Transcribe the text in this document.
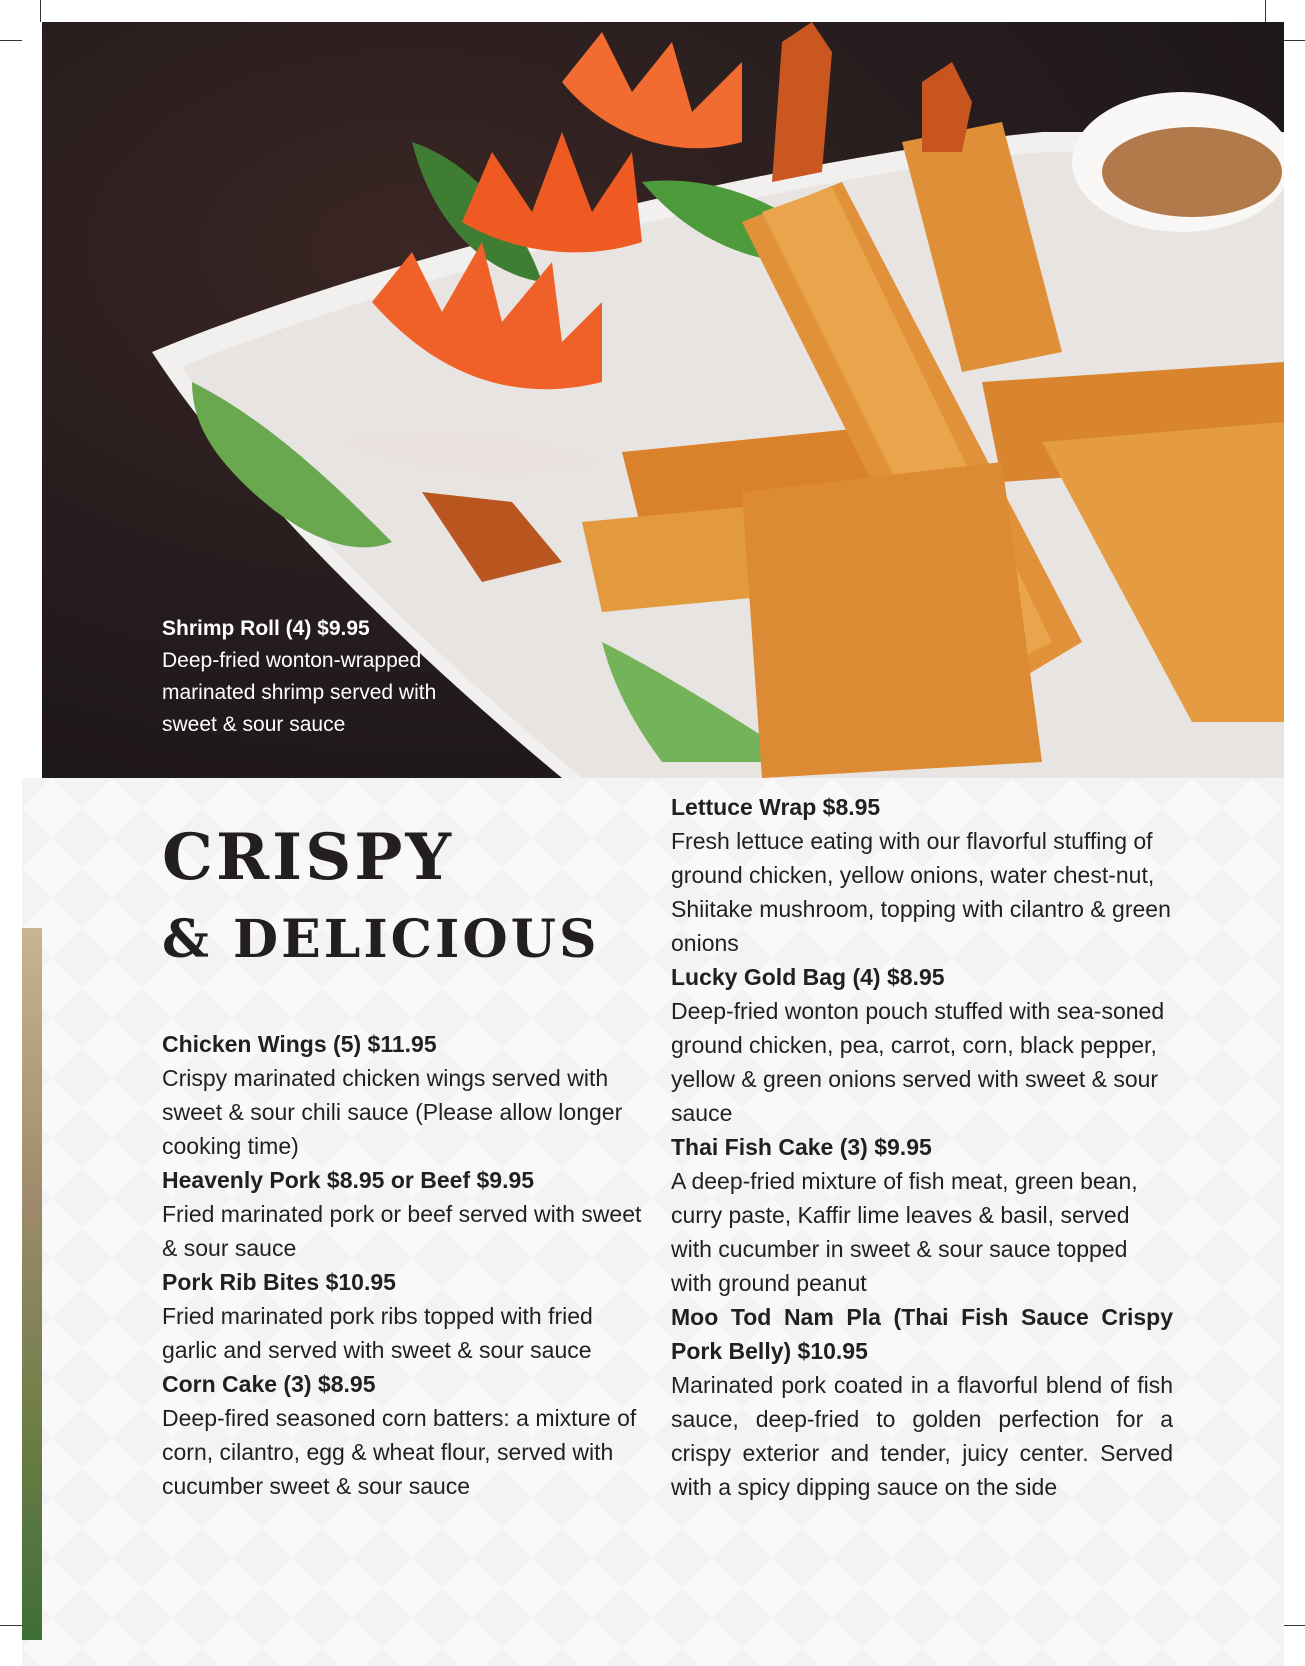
Shrimp Roll (4) $9.95
Deep-fried wonton-wrapped marinated shrimp served with sweet & sour sauce
CRISPY
& DELICIOUS
Chicken Wings (5) $11.95
Crispy marinated chicken wings served with sweet & sour chili sauce (Please allow longer cooking time)
Heavenly Pork $8.95 or Beef $9.95
Fried marinated pork or beef served with sweet & sour sauce
Pork Rib Bites $10.95
Fried marinated pork ribs topped with fried garlic and served with sweet & sour sauce
Corn Cake (3) $8.95
Deep-fired seasoned corn batters: a mixture of corn, cilantro, egg & wheat flour, served with cucumber sweet & sour sauce
Lettuce Wrap $8.95
Fresh lettuce eating with our flavorful stuffing of ground chicken, yellow onions, water chest-nut, Shiitake mushroom, topping with cilantro & green onions
Lucky Gold Bag (4) $8.95
Deep-fried wonton pouch stuffed with sea-soned ground chicken, pea, carrot, corn, black pepper, yellow & green onions served with sweet & sour sauce
Thai Fish Cake (3) $9.95
A deep-fried mixture of fish meat, green bean, curry paste, Kaffir lime leaves & basil, served with cucumber in sweet & sour sauce topped with ground peanut
Moo Tod Nam Pla (Thai Fish Sauce Crispy Pork Belly) $10.95
Marinated pork coated in a flavorful blend of fish sauce, deep-fried to golden perfection for a crispy exterior and tender, juicy center. Served with a spicy dipping sauce on the side
